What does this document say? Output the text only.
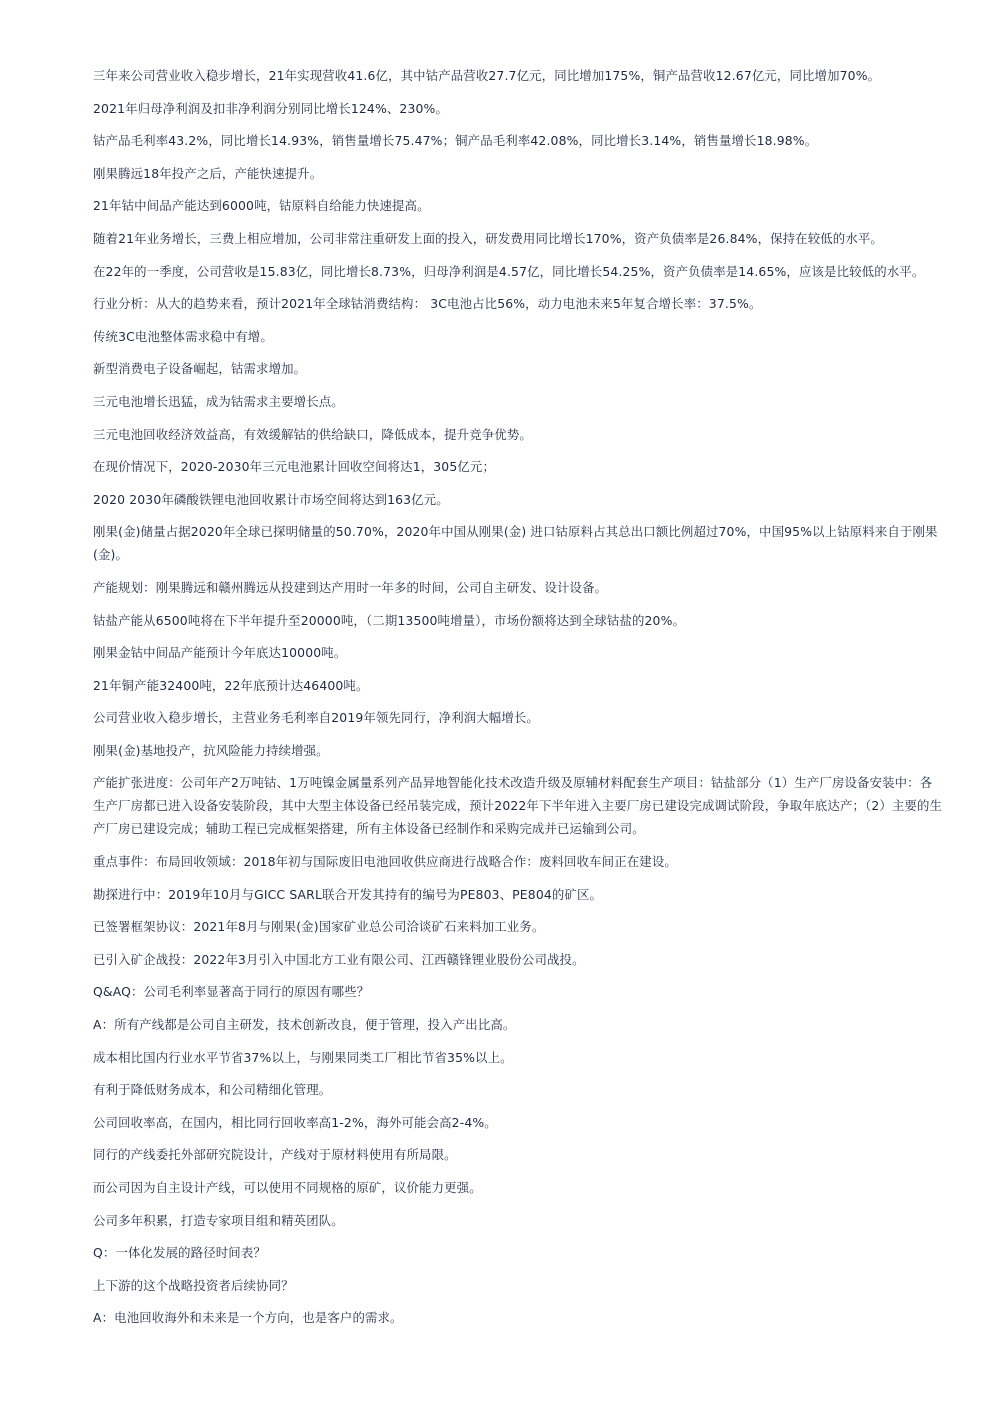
三年来公司营业收入稳步增长，21年实现营收41.6亿，其中钴产品营收27.7亿元，同比增加175%，铜产品营收12.67亿元，同比增加70%。

2021年归母净利润及扣非净利润分别同比增长124%、230%。

钴产品毛利率43.2%，同比增长14.93%，销售量增长75.47%；铜产品毛利率42.08%，同比增长3.14%，销售量增长18.98%。

刚果腾远18年投产之后，产能快速提升。

21年钴中间品产能达到6000吨，钴原料自给能力快速提高。

随着21年业务增长，三费上相应增加，公司非常注重研发上面的投入，研发费用同比增长170%，资产负债率是26.84%，保持在较低的水平。

在22年的一季度，公司营收是15.83亿，同比增长8.73%，归母净利润是4.57亿，同比增长54.25%，资产负债率是14.65%，应该是比较低的水平。

行业分析：从大的趋势来看，预计2021年全球钴消费结构： 3C电池占比56%，动力电池未来5年复合增长率：37.5%。

传统3C电池整体需求稳中有增。

新型消费电子设备崛起，钴需求增加。

三元电池增长迅猛，成为钴需求主要增长点。

三元电池回收经济效益高，有效缓解钴的供给缺口，降低成本，提升竞争优势。

在现价情况下，2020-2030年三元电池累计回收空间将达1，305亿元；

2020 2030年磷酸铁锂电池回收累计市场空间将达到163亿元。

刚果(金)储量占据2020年全球已探明储量的50.70%，2020年中国从刚果(金) 进口钴原料占其总出口额比例超过70%，中国95%以上钴原料来自于刚果(金)。

产能规划：刚果腾远和赣州腾远从投建到达产用时一年多的时间，公司自主研发、设计设备。

钴盐产能从6500吨将在下半年提升至20000吨，（二期13500吨增量），市场份额将达到全球钴盐的20%。

刚果金钴中间品产能预计今年底达10000吨。

21年铜产能32400吨，22年底预计达46400吨。

公司营业收入稳步增长，主营业务毛利率自2019年领先同行，净利润大幅增长。

刚果(金)基地投产，抗风险能力持续增强。

产能扩张进度：公司年产2万吨钴、1万吨镍金属量系列产品异地智能化技术改造升级及原辅材料配套生产项目：钴盐部分（1）生产厂房设备安装中：各生产厂房都已进入设备安装阶段，其中大型主体设备已经吊装完成，预计2022年下半年进入主要厂房已建设完成调试阶段，争取年底达产；（2）主要的生产厂房已建设完成；辅助工程已完成框架搭建，所有主体设备已经制作和采购完成并已运输到公司。

重点事件：布局回收领域：2018年初与国际废旧电池回收供应商进行战略合作：废料回收车间正在建设。

勘探进行中：2019年10月与GICC SARL联合开发其持有的编号为PE803、PE804的矿区。

已签署框架协议：2021年8月与刚果(金)国家矿业总公司洽谈矿石来料加工业务。

已引入矿企战投：2022年3月引入中国北方工业有限公司、江西赣锋锂业股份公司战投。

Q&AQ：公司毛利率显著高于同行的原因有哪些？

A：所有产线都是公司自主研发，技术创新改良，便于管理，投入产出比高。

成本相比国内行业水平节省37%以上，与刚果同类工厂相比节省35%以上。

有利于降低财务成本，和公司精细化管理。

公司回收率高，在国内，相比同行回收率高1-2%，海外可能会高2-4%。

同行的产线委托外部研究院设计，产线对于原材料使用有所局限。

而公司因为自主设计产线，可以使用不同规格的原矿，议价能力更强。

公司多年积累，打造专家项目组和精英团队。

Q：一体化发展的路径时间表？

上下游的这个战略投资者后续协同？

A：电池回收海外和未来是一个方向，也是客户的需求。
